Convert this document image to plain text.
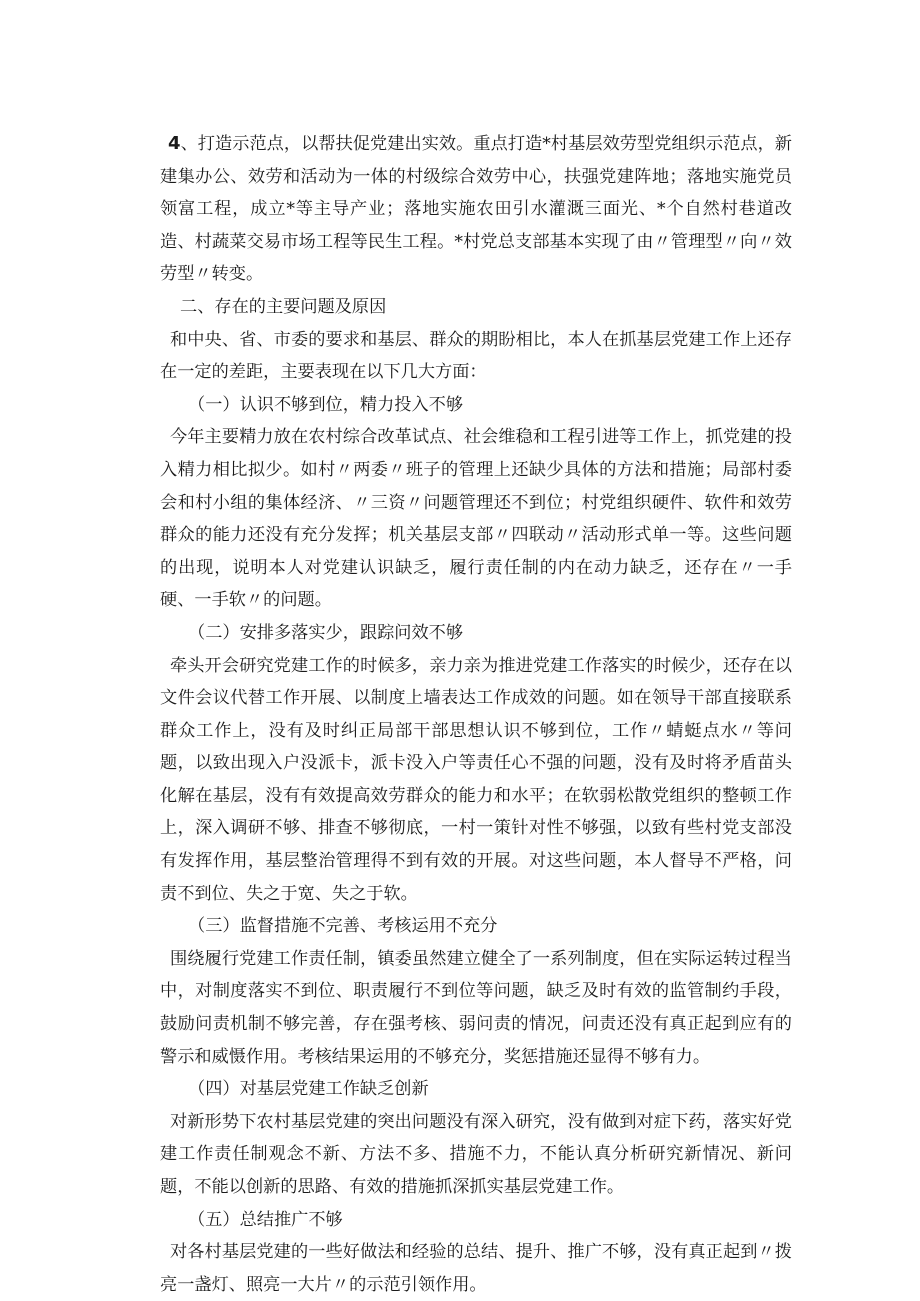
4、打造示范点，以帮扶促党建出实效。重点打造*村基层效劳型党组织示范点，新建集办公、效劳和活动为一体的村级综合效劳中心，扶强党建阵地；落地实施党员领富工程，成立*等主导产业；落地实施农田引水灌溉三面光、*个自然村巷道改造、村蔬菜交易市场工程等民生工程。*村党总支部基本实现了由〃管理型〃向〃效劳型〃转变。

二、存在的主要问题及原因

和中央、省、市委的要求和基层、群众的期盼相比，本人在抓基层党建工作上还存在一定的差距，主要表现在以下几大方面：

（一）认识不够到位，精力投入不够

今年主要精力放在农村综合改革试点、社会维稳和工程引进等工作上，抓党建的投入精力相比拟少。如村〃两委〃班子的管理上还缺少具体的方法和措施；局部村委会和村小组的集体经济、〃三资〃问题管理还不到位；村党组织硬件、软件和效劳群众的能力还没有充分发挥；机关基层支部〃四联动〃活动形式单一等。这些问题的出现，说明本人对党建认识缺乏，履行责任制的内在动力缺乏，还存在〃一手硬、一手软〃的问题。

（二）安排多落实少，跟踪问效不够

牵头开会研究党建工作的时候多，亲力亲为推进党建工作落实的时候少，还存在以文件会议代替工作开展、以制度上墙表达工作成效的问题。如在领导干部直接联系群众工作上，没有及时纠正局部干部思想认识不够到位，工作〃蜻蜓点水〃等问题，以致出现入户没派卡，派卡没入户等责任心不强的问题，没有及时将矛盾苗头化解在基层，没有有效提高效劳群众的能力和水平；在软弱松散党组织的整顿工作上，深入调研不够、排查不够彻底，一村一策针对性不够强，以致有些村党支部没有发挥作用，基层整治管理得不到有效的开展。对这些问题，本人督导不严格，问责不到位、失之于宽、失之于软。

（三）监督措施不完善、考核运用不充分

围绕履行党建工作责任制，镇委虽然建立健全了一系列制度，但在实际运转过程当中，对制度落实不到位、职责履行不到位等问题，缺乏及时有效的监管制约手段，鼓励问责机制不够完善，存在强考核、弱问责的情况，问责还没有真正起到应有的警示和威慑作用。考核结果运用的不够充分，奖惩措施还显得不够有力。

（四）对基层党建工作缺乏创新

对新形势下农村基层党建的突出问题没有深入研究，没有做到对症下药，落实好党建工作责任制观念不新、方法不多、措施不力，不能认真分析研究新情况、新问题，不能以创新的思路、有效的措施抓深抓实基层党建工作。

（五）总结推广不够

对各村基层党建的一些好做法和经验的总结、提升、推广不够，没有真正起到〃拨亮一盏灯、照亮一大片〃的示范引领作用。
